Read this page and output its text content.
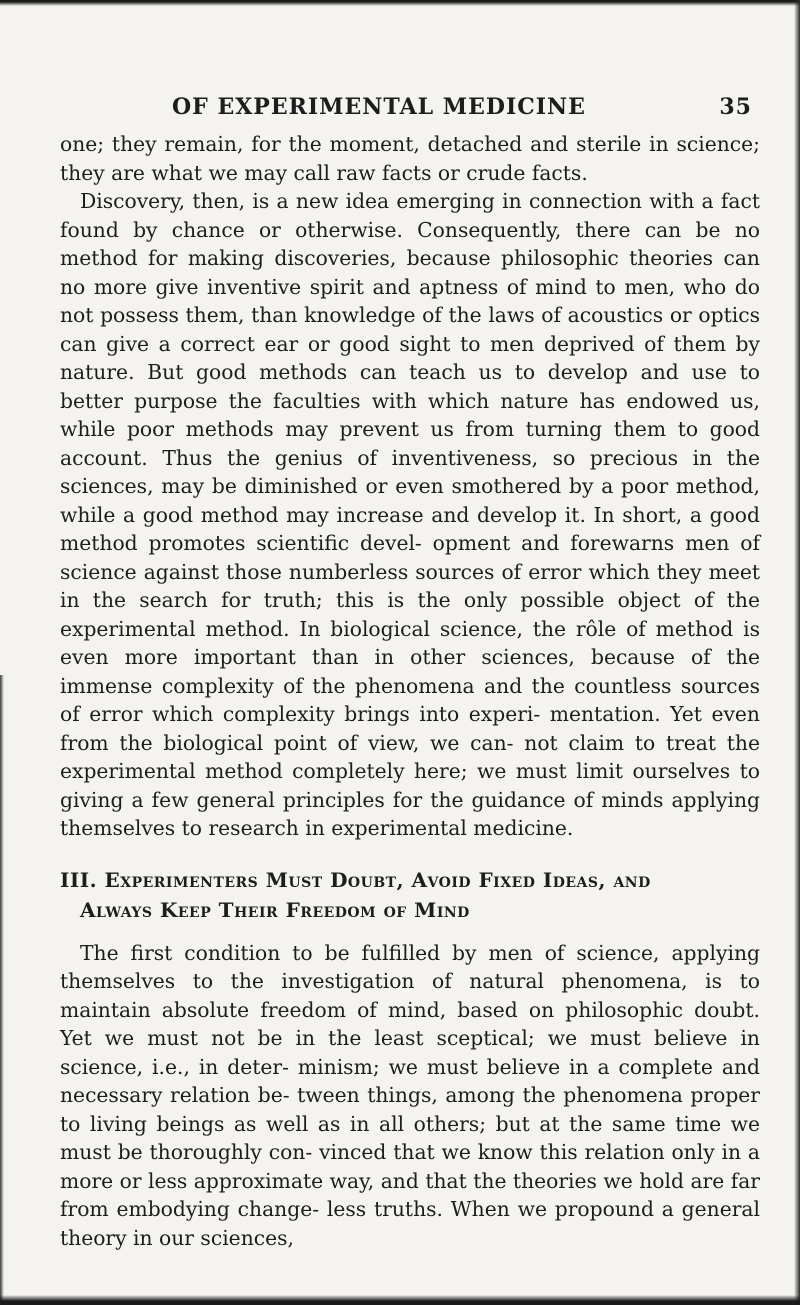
OF EXPERIMENTAL MEDICINE	35

one; they remain, for the moment, detached and sterile in science; they are what we may call raw facts or crude facts.

Discovery, then, is a new idea emerging in connection with a fact found by chance or otherwise. Consequently, there can be no method for making discoveries, because philosophic theories can no more give inventive spirit and aptness of mind to men, who do not possess them, than knowledge of the laws of acoustics or optics can give a correct ear or good sight to men deprived of them by nature. But good methods can teach us to develop and use to better purpose the faculties with which nature has endowed us, while poor methods may prevent us from turning them to good account. Thus the genius of inventiveness, so precious in the sciences, may be diminished or even smothered by a poor method, while a good method may increase and develop it. In short, a good method promotes scientific devel- opment and forewarns men of science against those numberless sources of error which they meet in the search for truth; this is the only possible object of the experimental method. In biological science, the rôle of method is even more important than in other sciences, because of the immense complexity of the phenomena and the countless sources of error which complexity brings into experi- mentation. Yet even from the biological point of view, we can- not claim to treat the experimental method completely here; we must limit ourselves to giving a few general principles for the guidance of minds applying themselves to research in experimental medicine.

III. Experimenters Must Doubt, Avoid Fixed Ideas, and
Always Keep Their Freedom of Mind

The first condition to be fulfilled by men of science, applying themselves to the investigation of natural phenomena, is to maintain absolute freedom of mind, based on philosophic doubt. Yet we must not be in the least sceptical; we must believe in science, i.e., in deter- minism; we must believe in a complete and necessary relation be- tween things, among the phenomena proper to living beings as well as in all others; but at the same time we must be thoroughly con- vinced that we know this relation only in a more or less approximate way, and that the theories we hold are far from embodying change- less truths. When we propound a general theory in our sciences,
